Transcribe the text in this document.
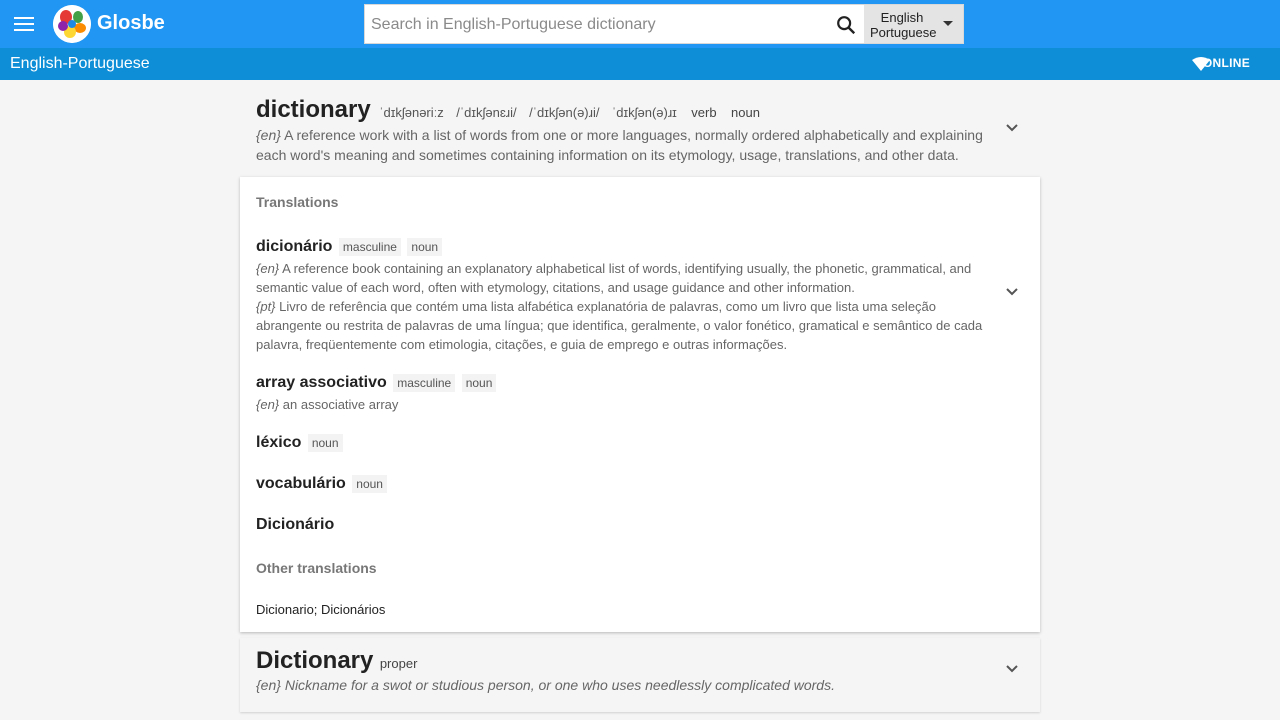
Glosbe
Search in English-Portuguese dictionary	English
Portuguese
English-Portuguese	ONLINE
dictionary ˈdɪkʃənəriːz /ˈdɪkʃənɛɹi/ /ˈdɪkʃən(ə)ɹi/ ˈdɪkʃən(ə)ɹɪ verb noun
{en} A reference work with a list of words from one or more languages, normally ordered alphabetically and explaining each word's meaning and sometimes containing information on its etymology, usage, translations, and other data.
Translations
dicionário masculine noun
{en} A reference book containing an explanatory alphabetical list of words, identifying usually, the phonetic, grammatical, and semantic value of each word, often with etymology, citations, and usage guidance and other information.
{pt} Livro de referência que contém uma lista alfabética explanatória de palavras, como um livro que lista uma seleção abrangente ou restrita de palavras de uma língua; que identifica, geralmente, o valor fonético, gramatical e semântico de cada palavra, freqüentemente com etimologia, citações, e guia de emprego e outras informações.
array associativo masculine noun
{en} an associative array
léxico noun
vocabulário noun
Dicionário
Other translations
Dicionario; Dicionários
Dictionary proper
{en} Nickname for a swot or studious person, or one who uses needlessly complicated words.
